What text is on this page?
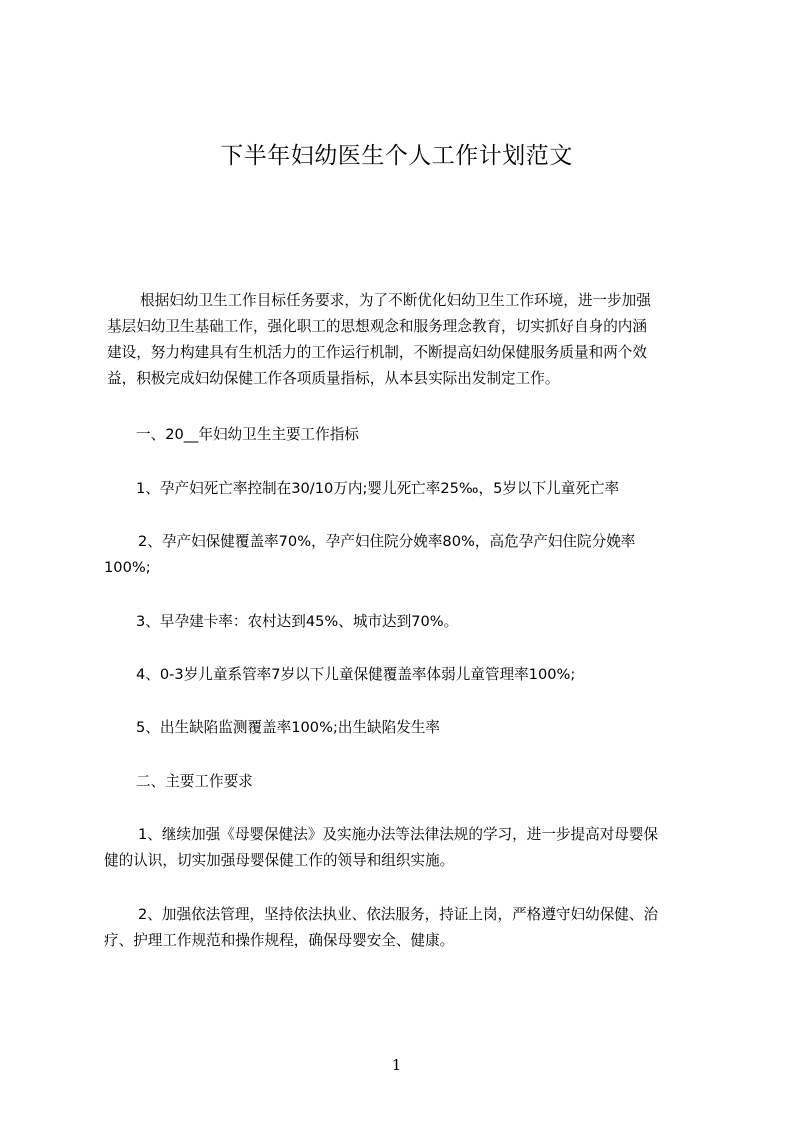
下半年妇幼医生个人工作计划范文
根据妇幼卫生工作目标任务要求，为了不断优化妇幼卫生工作环境，进一步加强
基层妇幼卫生基础工作，强化职工的思想观念和服务理念教育，切实抓好自身的内涵
建设，努力构建具有生机活力的工作运行机制，不断提高妇幼保健服务质量和两个效
益，积极完成妇幼保健工作各项质量指标，从本县实际出发制定工作。
一、20__年妇幼卫生主要工作指标
1、孕产妇死亡率控制在30/10万内;婴儿死亡率25‰，5岁以下儿童死亡率
2、孕产妇保健覆盖率70%，孕产妇住院分娩率80%，高危孕产妇住院分娩率
100%;
3、早孕建卡率：农村达到45%、城市达到70%。
4、0-3岁儿童系管率7岁以下儿童保健覆盖率体弱儿童管理率100%;
5、出生缺陷监测覆盖率100%;出生缺陷发生率
二、主要工作要求
1、继续加强《母婴保健法》及实施办法等法律法规的学习，进一步提高对母婴保
健的认识，切实加强母婴保健工作的领导和组织实施。
2、加强依法管理，坚持依法执业、依法服务，持证上岗，严格遵守妇幼保健、治
疗、护理工作规范和操作规程，确保母婴安全、健康。
1
